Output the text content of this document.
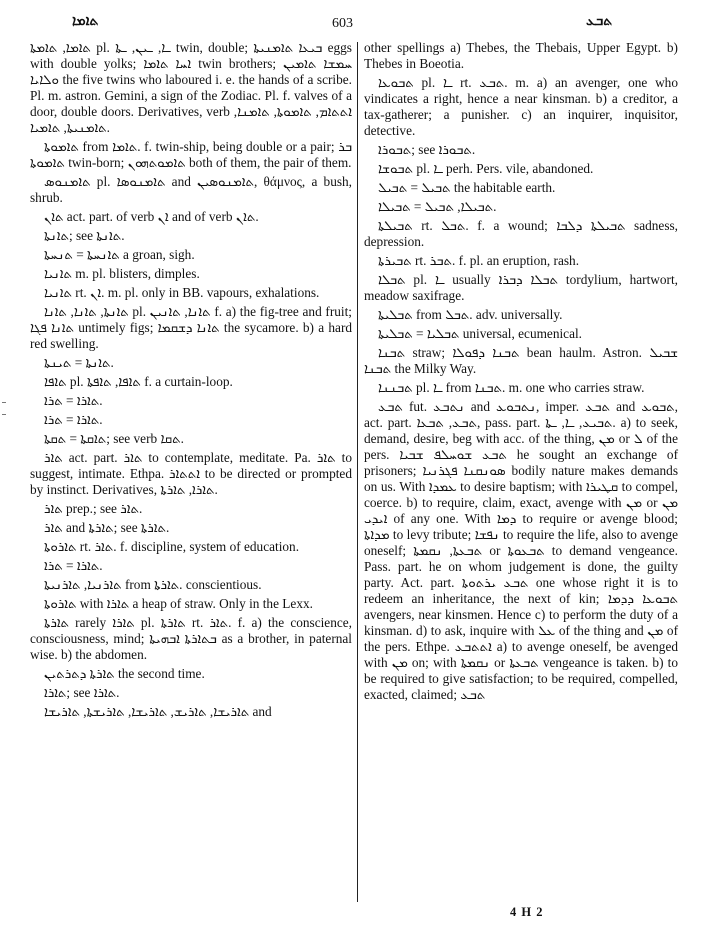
ܬܐܡܐ	603	ܬܒܥ

ܬܐܡܐ, ܬܐܡܬܐ pl. ـܐ, ـܝܢ, ـܬܐ twin, double; ܒܝܥܐ ܬܐܡܢܝܬܐ eggs with double yolks; ܐܚܐ ܬܐܡܐ twin brothers; ܚܡܫܐ ܬܐܡܝܢ ܘܠܐܝܐ the five twins who laboured i. e. the hands of a scribe. Pl. m. astron. Gemini, a sign of the Zodiac. Pl. f. valves of a door, double doors. Derivatives, verb ܐܬܬܐܡ, ܬܐܡܘܬܐ, ܬܐܡܢܐ, ܬܐܡܢܝܬܐ, ܬܐܡܝܐ.

ܬܐܡܘܬܐ from ܬܐܡܐ. f. twin-ship, being double or a pair; ܒܪ ܬܐܡܘܬܐ twin-born; ܬܐܡܘܬܗܘܢ both of them, the pair of them.

ܬܐܡܢܘܣ pl. ܬܐܡܢܘܣܐ and ܬܐܡܢܘܣܝܢ, θάμνος, a bush, shrub.

ܬܐܢ act. part. of verb ܐܢ and of verb ܬܐܢ.

ܬܐܢܬܐ; see ܬܐܢܬܐ.

ܬܐܢܚܬܐ = ܬܢܚܬܐ a groan, sigh.

ܬܐܢܝܐ m. pl. blisters, dimples.

ܬܐܢܝܐ rt. ܐܢ. m. pl. only in BB. vapours, exhalations.

ܬܐܢܬܐ, ܬܐܢܐ, ܬܐܢܐ pl. ܬܐܢܐ, ܬܐܢܝܢ f. a) the fig-tree and fruit; ܬܐܢܐ ܦܓܐ untimely figs; ܬܐܢܐ ܕܫܩܡܐ the sycamore. b) a hard red swelling.

ܬܐܢܬܐ = ܬܝܢܬܐ.

ܬܐܦܐ pl. ܬܐܦܐ, ܬܐܦܬܐ f. a curtain-loop.

ܬܐܪܐ = ܬܪܐ.

ܬܐܪܐ = ܬܪܐ.

ܬܐܩܬܐ = ܬܩܬܐ; see verb ܬܩܐ.

ܬܐܪ act. part. ܬܐܪ to contemplate, meditate. Pa. ܬܐܪ to suggest, intimate. Ethpa. ܐܬܬܐܪ to be directed or prompted by instinct. Derivatives, ܬܐܪܐ, ܬܐܪܬܐ.

ܬܐܪ prep.; see ܬܐܪ.

ܬܐܪ and ܬܐܪܬܐ; see ܬܐܪܬܐ.

ܬܐܪܘܬܐ rt. ܬܐܪ. f. discipline, system of education.

ܬܐܪܐ = ܬܪܐ.

ܬܐܪܢܝܐ, ܬܐܪܢܝܬܐ from ܬܐܪܬܐ. conscientious.

ܬܐܪܘܬܐ with ܬܐܪܐ a heap of straw. Only in the Lexx.

ܬܐܪܬܐ rarely ܬܐܪܐ pl. ܬܐܪܬܐ rt. ܬܐܪ. f. a) the conscience, consciousness, mind; ܒܬܐܪܬܐ ܐܒܗܝܬܐ as a brother, in paternal wise. b) the abdomen.

ܬܐܪܬܐ ܕܬܪܬܝܢ the second time.

ܬܐܪܐ; see ܬܐܪܐ.

ܬܐܪܝܫܐ, ܬܐܪܝܫ, ܬܐܪܝܫܐ, ܬܐܪܝܫܬܐ, ܬܐܪܝܫܐ and

other spellings a) Thebes, the Thebais, Upper Egypt. b) Thebes in Boeotia.

ܬܒܘܥܐ pl. ـܐ rt. ܬܒܥ. m. a) an avenger, one who vindicates a right, hence a near kinsman. b) a creditor, a tax-gatherer; a punisher. c) an inquirer, inquisitor, detective.

ܬܒܘܪܐ; see ܬܒܘܪܐ.

ܬܒܘܫܐ pl. ـܐ perh. Pers. vile, abandoned.

ܬܒܝܠ = ܬܒܝܠ the habitable earth.

ܬܒܝܠܐ, ܬܒܝܠ = ܬܒܝܠܐ.

ܬܒܝܠܬܐ rt. ܬܒܠ. f. a wound; ܬܒܝܠܬܐ ܕܠܒܐ sadness, depression.

ܬܒܝܪܬܐ rt. ܬܒܪ. f. pl. an eruption, rash.

ܬܒܠܐ pl. ـܐ usually ܬܒܠܐ ܕܒܪܐ tordylium, hartwort, meadow saxifrage.

ܬܒܠܝܬܐ from ܬܒܠ. adv. universally.

ܬܒܠܝܐ = ܬܒܠܝܬܐ universal, ecumenical.

ܬܒܢܐ straw; ܬܒܢܐ ܕܦܘܠܐ bean haulm. Astron. ܫܒܝܠ ܬܒܢܐ the Milky Way.

ܬܒܢܢܐ pl. ـܐ from ܬܒܢܐ. m. one who carries straw.

ܬܒܥ fut. ܢܬܒܥ and ܢܬܒܘܥ, imper. ܬܒܥ and ܬܒܘܥ, act. part. ܬܒܥ, ܬܒܥܐ, pass. part. ܬܒܝܥ, ـܐ, ـܬܐ. a) to seek, demand, desire, beg with acc. of the thing, ܡܢ or ܠ of the pers. ܬܒܥ ܫܘܚܠܦ ܫܒܝܐ he sought an exchange of prisoners; ܣܘܢܩܢܐ ܦܓܪܢܝܐ bodily nature makes demands on us. With ܥܡܕܐ to desire baptism; with ܩܛܝܪܐ to compel, coerce. b) to require, claim, exact, avenge with ܡܢ or ܡܢ ܐܝܕܝ of any one. With ܕܡܐ to require or avenge blood; ܡܕܐܬܐ to levy tribute; ܢܦܫܐ to require the life, also to avenge oneself; ܬܒܥܬܐ, ܢܩܡܬܐ or ܬܒܥܘܬܐ to demand vengeance. Pass. part. he on whom judgement is done, the guilty party. Act. part. ܬܒܥ ܝܪܬܘܬܐ one whose right it is to redeem an inheritance, the next of kin; ܬܒܘܥܐ ܕܕܡܐ avengers, near kinsmen. Hence c) to perform the duty of a kinsman. d) to ask, inquire with ܥܠ of the thing and ܡܢ of the pers. Ethpe. ܐܬܬܒܥ a) to avenge oneself, be avenged with ܡܢ on; with ܢܩܡܬܐ or ܬܒܥܬܐ vengeance is taken. b) to be required to give satisfaction; to be required, compelled, exacted, claimed; ܬܒܥ

4 H 2
